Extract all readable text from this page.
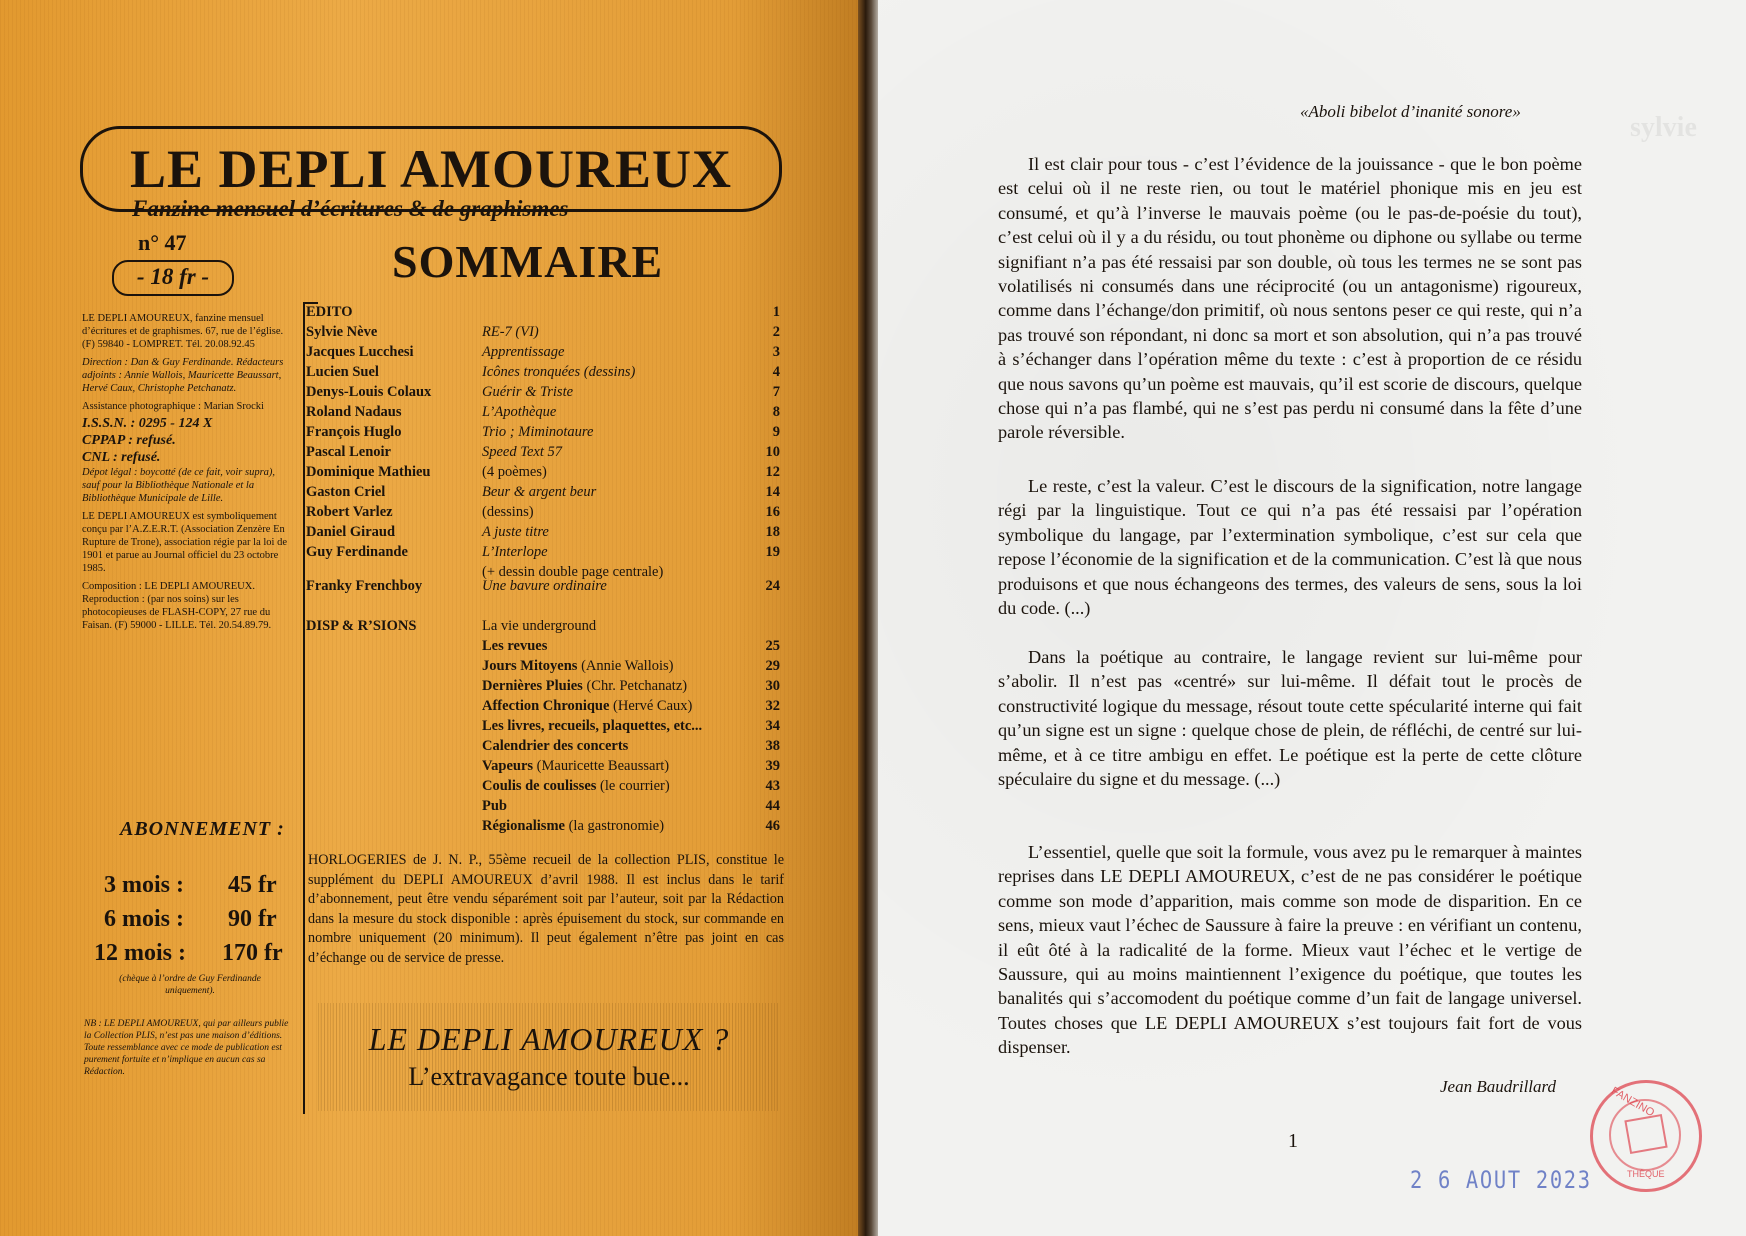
LE DEPLI AMOUREUX
Fanzine mensuel d’écritures & de graphismes
n° 47
- 18 fr -	SOMMAIRE

LE DEPLI AMOUREUX, fanzine mensuel d’écritures et de graphismes. 67, rue de l’église. (F) 59840 - LOMPRET. Tél. 20.08.92.45

Direction : Dan & Guy Ferdinande. Rédacteurs adjoints : Annie Wallois, Mauricette Beaussart, Hervé Caux, Christophe Petchanatz.

Assistance photographique : Marian Srocki

I.S.S.N. : 0295 - 124 X

CPPAP : refusé.

CNL : refusé.

Dépot légal : boycotté (de ce fait, voir supra), sauf pour la Bibliothèque Nationale et la Bibliothèque Municipale de Lille.

LE DEPLI AMOUREUX est symboliquement conçu par l’A.Z.E.R.T. (Association Zenzère En Rupture de Trone), association régie par la loi de 1901 et parue au Journal officiel du 23 octobre 1985.

Composition : LE DEPLI AMOUREUX. Reproduction : (par nos soins) sur les photocopieuses de FLASH-COPY, 27 rue du Faisan. (F) 59000 - LILLE. Tél. 20.54.89.79.

ABONNEMENT :
3 mois : 45 fr
6 mois : 90 fr
12 mois : 170 fr
(chèque à l’ordre de Guy Ferdinande uniquement).
NB : LE DEPLI AMOUREUX, qui par ailleurs publie la Collection PLIS, n’est pas une maison d’éditions. Toute ressemblance avec ce mode de publication est purement fortuite et n’implique en aucun cas sa Rédaction.
EDITO	1
Sylvie Nève	RE-7 (VI)	2
Jacques Lucchesi	Apprentissage	3
Lucien Suel	Icônes tronquées (dessins)	4
Denys-Louis Colaux	Guérir & Triste	7
Roland Nadaus	L’Apothèque	8
François Huglo	Trio ; Miminotaure	9
Pascal Lenoir	Speed Text 57	10
Dominique Mathieu	(4 poèmes)	12
Gaston Criel	Beur & argent beur	14
Robert Varlez	(dessins)	16
Daniel Giraud	A juste titre	18
Guy Ferdinande	L’Interlope	19
(+ dessin double page centrale)
Franky Frenchboy	Une bavure ordinaire	24
DISP & R’SIONS	La vie underground
Les revues	25
Jours Mitoyens (Annie Wallois)	29
Dernières Pluies (Chr. Petchanatz)	30
Affection Chronique (Hervé Caux)	32
Les livres, recueils, plaquettes, etc...	34
Calendrier des concerts	38
Vapeurs (Mauricette Beaussart)	39
Coulis de coulisses (le courrier)	43
Pub	44
Régionalisme (la gastronomie)	46
HORLOGERIES de J. N. P., 55ème recueil de la collection PLIS, constitue le supplément du DEPLI AMOUREUX d’avril 1988. Il est inclus dans le tarif d’abonnement, peut être vendu séparément soit par l’auteur, soit par la Rédaction dans la mesure du stock disponible : après épuisement du stock, sur commande en nombre uniquement (20 minimum). Il peut également n’être pas joint en cas d’échange ou de service de presse.
LE DEPLI AMOUREUX ?
L’extravagance toute bue...
sylvie
«Aboli bibelot d’inanité sonore»

Il est clair pour tous - c’est l’évidence de la jouissance - que le bon poème est celui où il ne reste rien, ou tout le matériel phonique mis en jeu est consumé, et qu’à l’inverse le mauvais poème (ou le pas-de-poésie du tout), c’est celui où il y a du résidu, ou tout phonème ou diphone ou syllabe ou terme signifiant n’a pas été ressaisi par son double, où tous les termes ne se sont pas volatilisés ni consumés dans une réciprocité (ou un antagonisme) rigoureux, comme dans l’échange/don primitif, où nous sentons peser ce qui reste, qui n’a pas trouvé son répondant, ni donc sa mort et son absolution, qui n’a pas trouvé à s’échanger dans l’opération même du texte : c’est à proportion de ce résidu que nous savons qu’un poème est mauvais, qu’il est scorie de discours, quelque chose qui n’a pas flambé, qui ne s’est pas perdu ni consumé dans la fête d’une parole réversible.

Le reste, c’est la valeur. C’est le discours de la signification, notre langage régi par la linguistique. Tout ce qui n’a pas été ressaisi par l’opération symbolique du langage, par l’extermination symbolique, c’est sur cela que repose l’économie de la signification et de la communication. C’est là que nous produisons et que nous échangeons des termes, des valeurs de sens, sous la loi du code. (...)

Dans la poétique au contraire, le langage revient sur lui-même pour s’abolir. Il n’est pas «centré» sur lui-même. Il défait tout le procès de constructivité logique du message, résout toute cette spécularité interne qui fait qu’un signe est un signe : quelque chose de plein, de réfléchi, de centré sur lui-même, et à ce titre ambigu en effet. Le poétique est la perte de cette clôture spéculaire du signe et du message. (...)

L’essentiel, quelle que soit la formule, vous avez pu le remarquer à maintes reprises dans LE DEPLI AMOUREUX, c’est de ne pas considérer le poétique comme son mode d’apparition, mais comme son mode de disparition. En ce sens, mieux vaut l’échec de Saussure à faire la preuve : en vérifiant un contenu, il eût ôté à la radicalité de la forme. Mieux vaut l’échec et le vertige de Saussure, qui au moins maintiennent l’exigence du poétique, que toutes les banalités qui s’accomodent du poétique comme d’un fait de langage universel. Toutes choses que LE DEPLI AMOUREUX s’est toujours fait fort de vous dispenser.

Jean Baudrillard
1
2 6 AOUT 2023
FANZINO
THÈQUE
